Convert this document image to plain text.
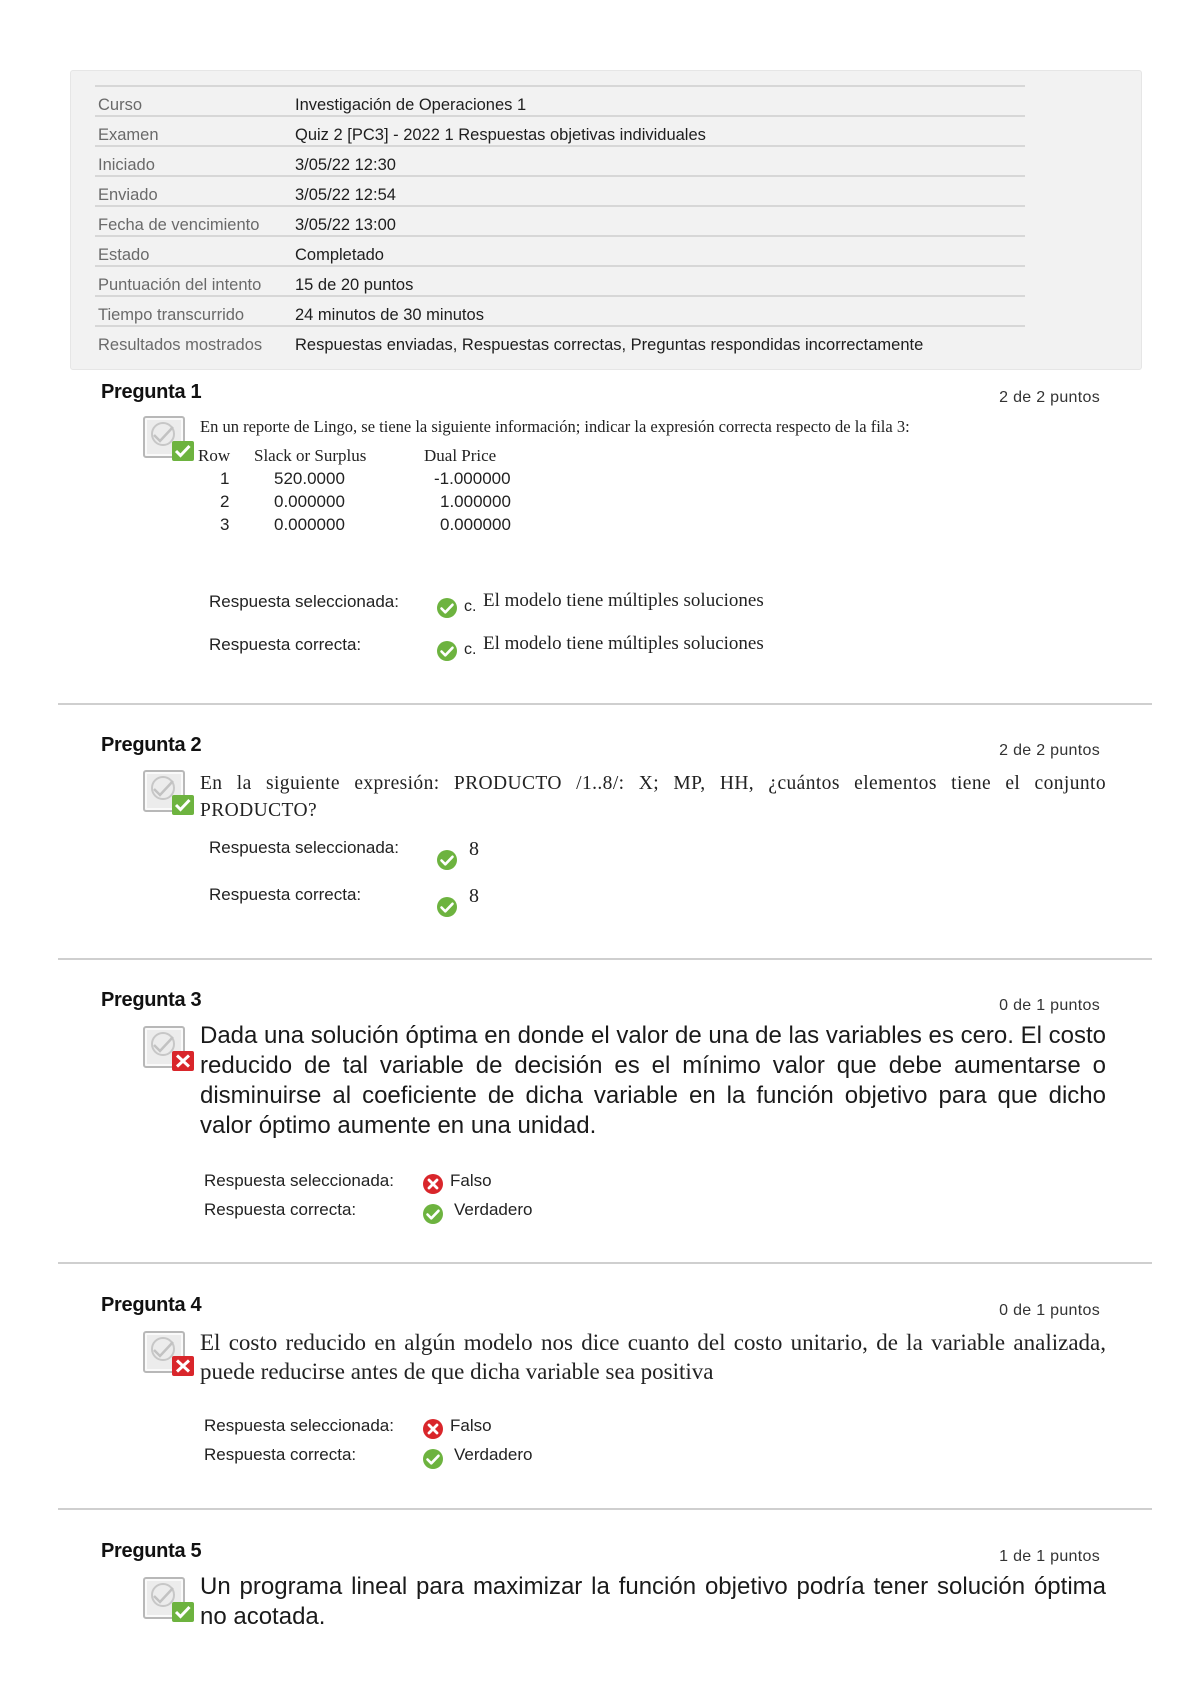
Curso	Investigación de Operaciones 1
Examen	Quiz 2 [PC3] - 2022 1 Respuestas objetivas individuales
Iniciado	3/05/22 12:30
Enviado	3/05/22 12:54
Fecha de vencimiento	3/05/22 13:00
Estado	Completado
Puntuación del intento	15 de 20 puntos
Tiempo transcurrido	24 minutos de 30 minutos
Resultados mostrados	Respuestas enviadas, Respuestas correctas, Preguntas respondidas incorrectamente
Pregunta 1	2 de 2 puntos
En un reporte de Lingo, se tiene la siguiente información; indicar la expresión correcta respecto de la fila 3:
Row	Slack or Surplus	Dual Price
1	520.0000	-1.000000
2	0.000000	1.000000
3	0.000000	0.000000
Respuesta seleccionada:	c. El modelo tiene múltiples soluciones
Respuesta correcta:	c. El modelo tiene múltiples soluciones
Pregunta 2	2 de 2 puntos
En la siguiente expresión: PRODUCTO /1..8/: X; MP, HH, ¿cuántos elementos tiene el conjunto PRODUCTO?
Respuesta seleccionada:	8
Respuesta correcta:	8
Pregunta 3	0 de 1 puntos
Dada una solución óptima en donde el valor de una de las variables es cero. El costo reducido de tal variable de decisión es el mínimo valor que debe aumentarse o disminuirse al coeficiente de dicha variable en la función objetivo para que dicho valor óptimo aumente en una unidad.
Respuesta seleccionada:	Falso
Respuesta correcta:	Verdadero
Pregunta 4	0 de 1 puntos
El costo reducido en algún modelo nos dice cuanto del costo unitario, de la variable analizada, puede reducirse antes de que dicha variable sea positiva
Respuesta seleccionada:	Falso
Respuesta correcta:	Verdadero
Pregunta 5	1 de 1 puntos
Un programa lineal para maximizar la función objetivo podría tener solución óptima no acotada.
